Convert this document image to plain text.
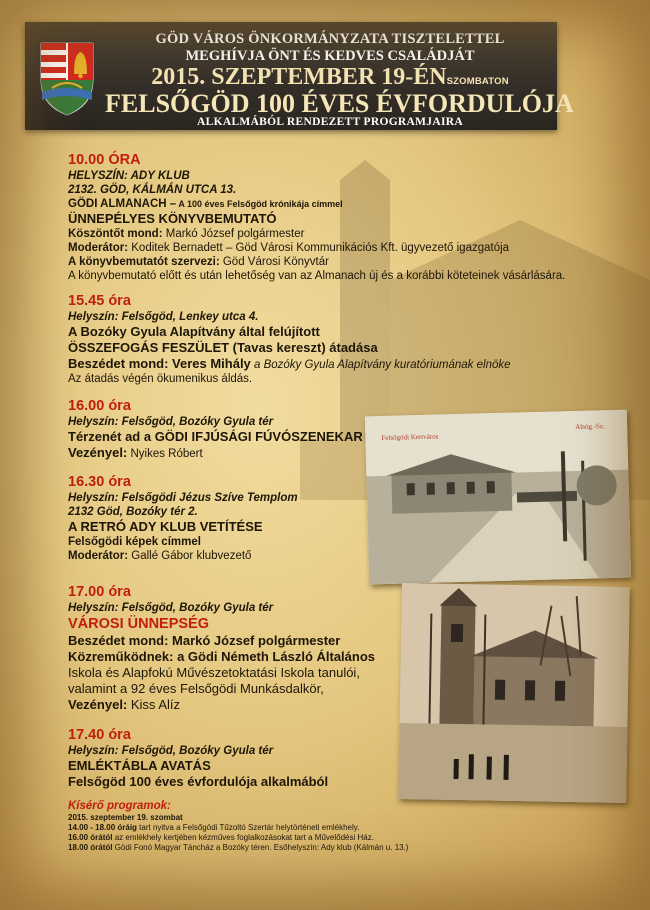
GÖD VÁROS ÖNKORMÁNYZATA TISZTELETTEL
MEGHÍVJA ÖNT ÉS KEDVES CSALÁDJÁT
2015. SZEPTEMBER 19-ÉNSZOMBATON
FELSŐGÖD 100 ÉVES ÉVFORDULÓJA
ALKALMÁBÓL RENDEZETT PROGRAMJAIRA
10.00 ÓRA
HELYSZÍN: ADY KLUB
2132. GÖD, KÁLMÁN UTCA 13.
GÖDI ALMANACH – A 100 éves Felsőgöd krónikája címmel
ÜNNEPÉLYES KÖNYVBEMUTATÓ
Köszöntőt mond: Markó József polgármester
Moderátor: Koditek Bernadett – Göd Városi Kommunikációs Kft. ügyvezető igazgatója
A könyvbemutatót szervezi: Göd Városi Könyvtár
A könyvbemutató előtt és után lehetőség van az Almanach új és a korábbi köteteinek vásárlására.
15.45 óra
Helyszín: Felsőgöd, Lenkey utca 4.
A Bozóky Gyula Alapítvány által felújított
ÖSSZEFOGÁS FESZÜLET (Tavas kereszt) átadása
Beszédet mond: Veres Mihály a Bozóky Gyula Alapítvány kuratóriumának elnöke
Az átadás végén ökumenikus áldás.
16.00 óra
Helyszín: Felsőgöd, Bozóky Gyula tér
Térzenét ad a GÖDI IFJÚSÁGI FÚVÓSZENEKAR
Vezényel: Nyikes Róbert
16.30 óra
Helyszín: Felsőgödi Jézus Szíve Templom
2132 Göd, Bozóky tér 2.
A RETRÓ ADY KLUB VETÍTÉSE
Felsőgödi képek címmel
Moderátor: Gallé Gábor klubvezető
17.00 óra
Helyszín: Felsőgöd, Bozóky Gyula tér
VÁROSI ÜNNEPSÉG
Beszédet mond: Markó József polgármester
Közreműködnek: a Gödi Németh László Általános
Iskola és Alapfokú Művészetoktatási Iskola tanulói,
valamint a 92 éves Felsőgödi Munkásdalkör,
Vezényel: Kiss Alíz
17.40 óra
Helyszín: Felsőgöd, Bozóky Gyula tér
EMLÉKTÁBLA AVATÁS
Felsőgöd 100 éves évfordulója alkalmából
Felsőgödi Kertváros
Alsóg.-Sz.
Kísérő programok:
2015. szeptember 19. szombat
14.00 - 18.00 óráig tart nyitva a Felsőgödi Tűzoltó Szertár helytörténeti emlékhely.
16.00 órától az emlékhely kertjében kézműves foglalkozásokat tart a Művelődési Ház.
18.00 órától Gödi Fonó Magyar Táncház a Bozóky téren. Esőhelyszín: Ady klub (Kálmán u. 13.)
